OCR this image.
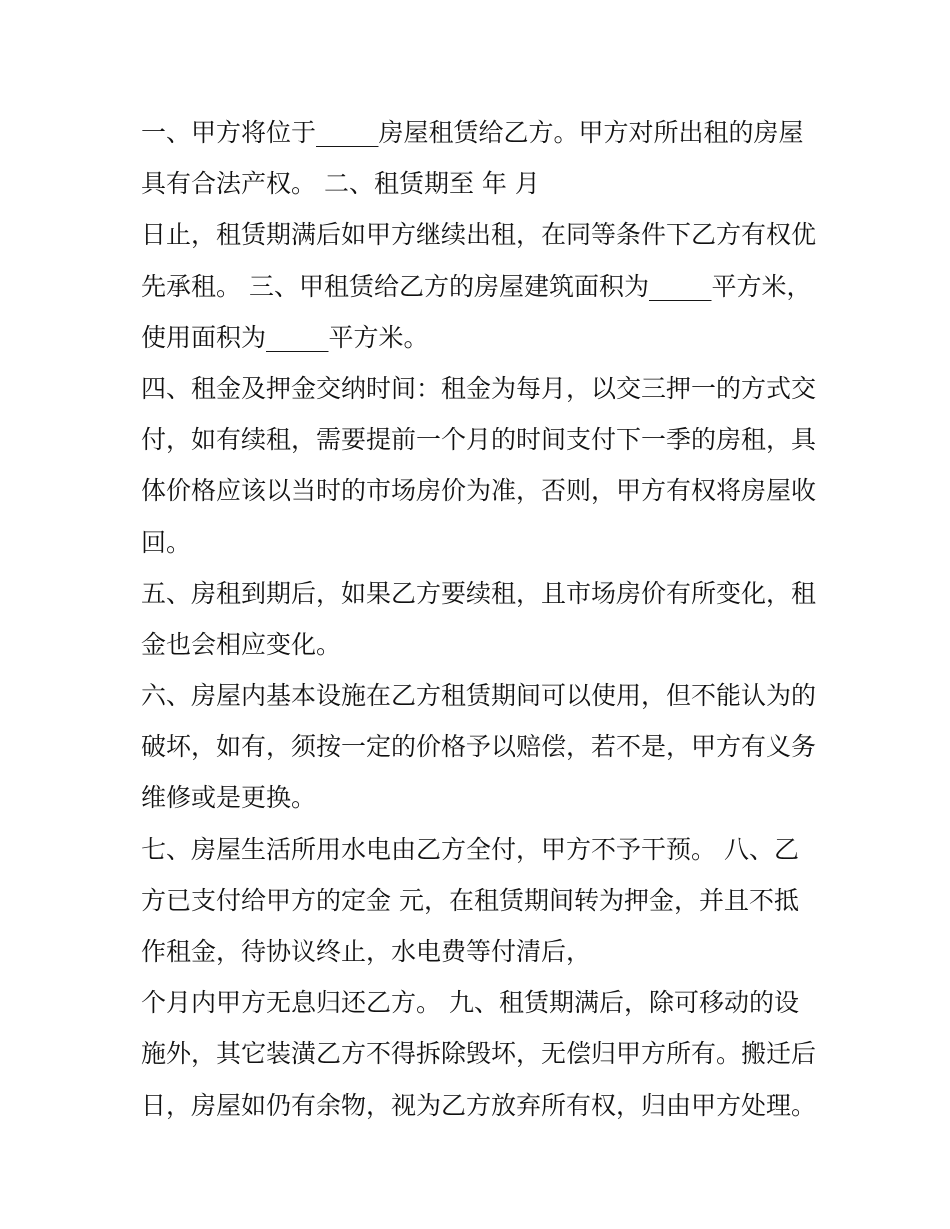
一、甲方将位于_____房屋租赁给乙方。甲方对所出租的房屋
具有合法产权。 二、租赁期至 年 月
日止，租赁期满后如甲方继续出租，在同等条件下乙方有权优
先承租。 三、甲租赁给乙方的房屋建筑面积为_____平方米，
使用面积为_____平方米。
四、租金及押金交纳时间：租金为每月，以交三押一的方式交
付，如有续租，需要提前一个月的时间支付下一季的房租，具
体价格应该以当时的市场房价为准，否则，甲方有权将房屋收
回。
五、房租到期后，如果乙方要续租，且市场房价有所变化，租
金也会相应变化。
六、房屋内基本设施在乙方租赁期间可以使用，但不能认为的
破坏，如有，须按一定的价格予以赔偿，若不是，甲方有义务
维修或是更换。
七、房屋生活所用水电由乙方全付，甲方不予干预。 八、乙
方已支付给甲方的定金 元，在租赁期间转为押金，并且不抵
作租金，待协议终止，水电费等付清后，
个月内甲方无息归还乙方。 九、租赁期满后，除可移动的设
施外，其它装潢乙方不得拆除毁坏，无偿归甲方所有。搬迁后
日，房屋如仍有余物，视为乙方放弃所有权，归由甲方处理。
